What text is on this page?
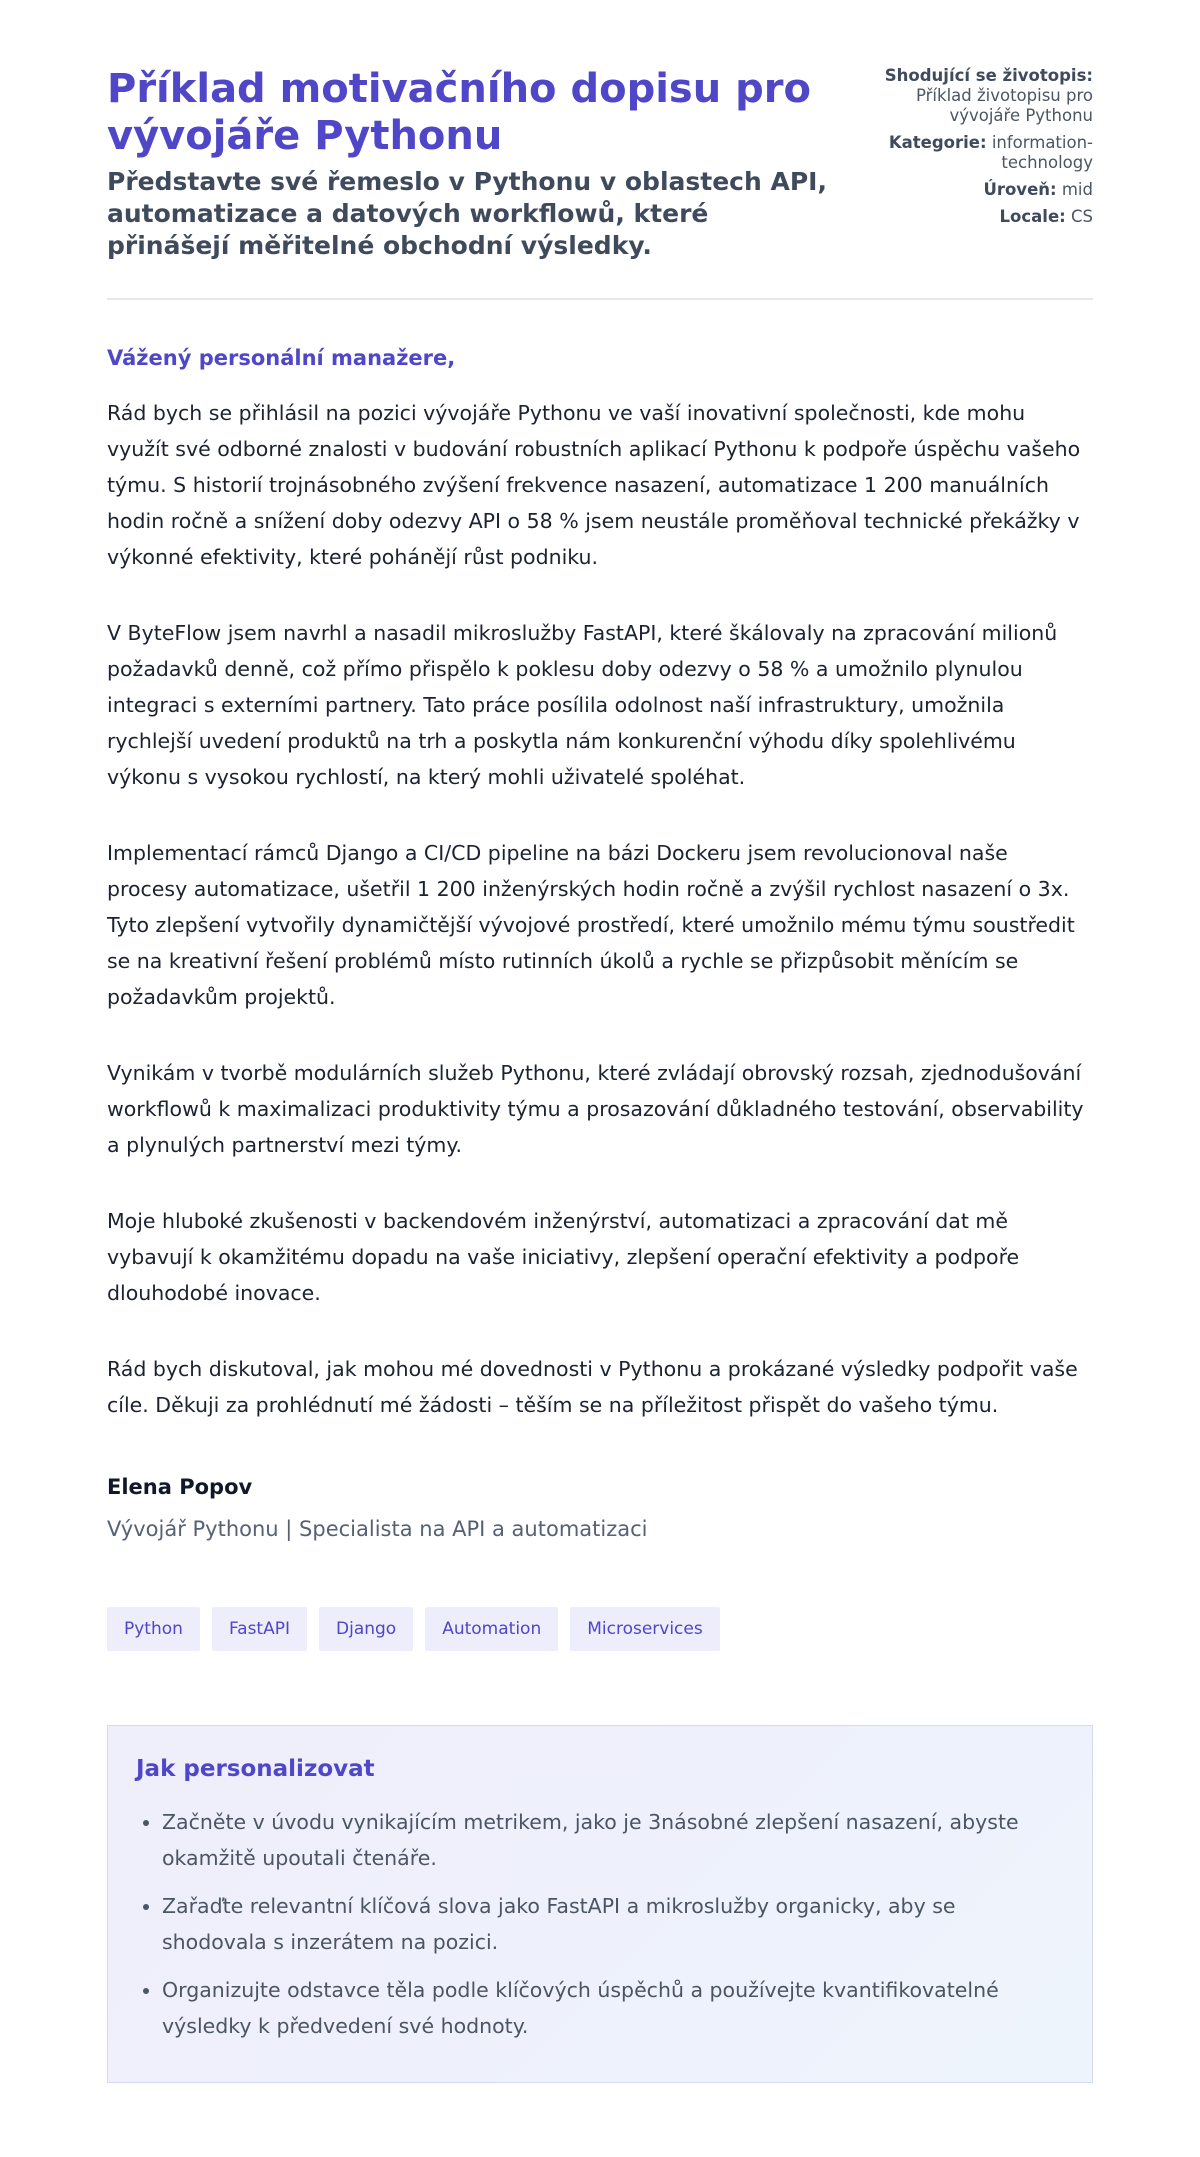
Příklad motivačního dopisu pro vývojáře Pythonu
Představte své řemeslo v Pythonu v oblastech API, automatizace a datových workflowů, které přinášejí měřitelné obchodní výsledky.
Shodující se životopis: Příklad životopisu pro vývojáře Pythonu
Kategorie: information-technology
Úroveň: mid
Locale: CS

Vážený personální manažere,

Rád bych se přihlásil na pozici vývojáře Pythonu ve vaší inovativní společnosti, kde mohu využít své odborné znalosti v budování robustních aplikací Pythonu k podpoře úspěchu vašeho týmu. S historií trojnásobného zvýšení frekvence nasazení, automatizace 1 200 manuálních hodin ročně a snížení doby odezvy API o 58 % jsem neustále proměňoval technické překážky v výkonné efektivity, které pohánějí růst podniku.

V ByteFlow jsem navrhl a nasadil mikroslužby FastAPI, které škálovaly na zpracování milionů požadavků denně, což přímo přispělo k poklesu doby odezvy o 58 % a umožnilo plynulou integraci s externími partnery. Tato práce posílila odolnost naší infrastruktury, umožnila rychlejší uvedení produktů na trh a poskytla nám konkurenční výhodu díky spolehlivému výkonu s vysokou rychlostí, na který mohli uživatelé spoléhat.

Implementací rámců Django a CI/CD pipeline na bázi Dockeru jsem revolucionoval naše procesy automatizace, ušetřil 1 200 inženýrských hodin ročně a zvýšil rychlost nasazení o 3x. Tyto zlepšení vytvořily dynamičtější vývojové prostředí, které umožnilo mému týmu soustředit se na kreativní řešení problémů místo rutinních úkolů a rychle se přizpůsobit měnícím se požadavkům projektů.

Vynikám v tvorbě modulárních služeb Pythonu, které zvládají obrovský rozsah, zjednodušování workflowů k maximalizaci produktivity týmu a prosazování důkladného testování, observability a plynulých partnerství mezi týmy.

Moje hluboké zkušenosti v backendovém inženýrství, automatizaci a zpracování dat mě vybavují k okamžitému dopadu na vaše iniciativy, zlepšení operační efektivity a podpoře dlouhodobé inovace.

Rád bych diskutoval, jak mohou mé dovednosti v Pythonu a prokázané výsledky podpořit vaše cíle. Děkuji za prohlédnutí mé žádosti – těším se na příležitost přispět do vašeho týmu.

Elena Popov
Vývojář Pythonu | Specialista na API a automatizaci
Python	FastAPI	Django	Automation	Microservices
Jak personalizovat
• Začněte v úvodu vynikajícím metrikem, jako je 3násobné zlepšení nasazení, abyste okamžitě upoutali čtenáře.
• Zařaďte relevantní klíčová slova jako FastAPI a mikroslužby organicky, aby se shodovala s inzerátem na pozici.
• Organizujte odstavce těla podle klíčových úspěchů a používejte kvantifikovatelné výsledky k předvedení své hodnoty.
